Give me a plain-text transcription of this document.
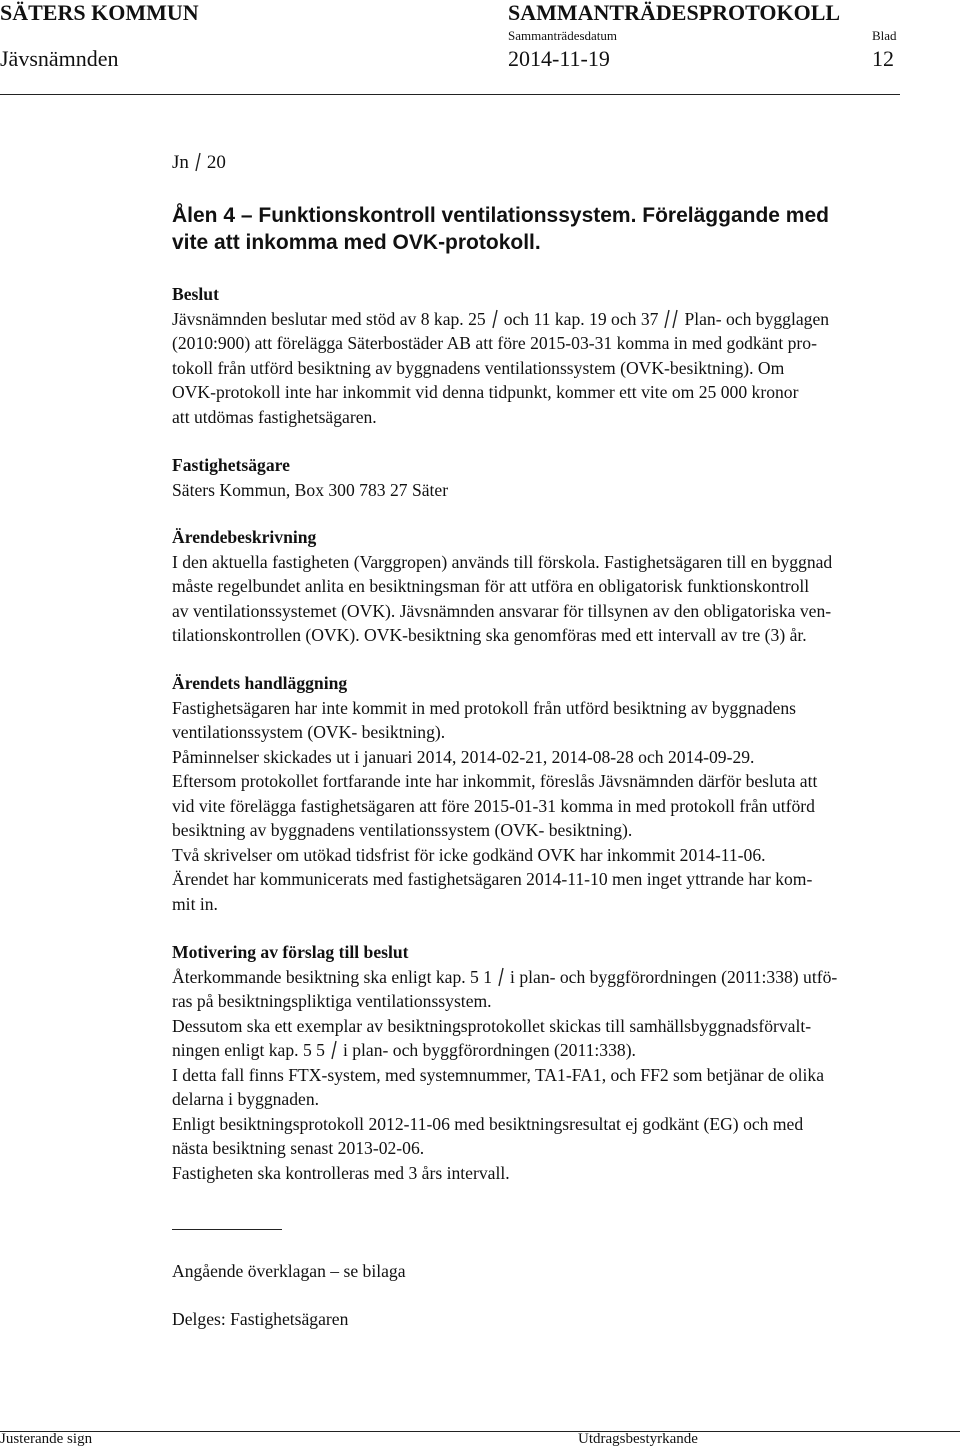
SÄTERS KOMMUN	SAMMANTRÄDESPROTOKOLL
Sammanträdesdatum	Blad
Jävsnämnden	2014-11-19	12
Jn 20
Ålen 4 – Funktionskontroll ventilationssystem. Föreläggande med
vite att inkomma med OVK-protokoll.

Beslut

Jävsnämnden beslutar med stöd av 8 kap. 25 och 11 kap. 19 och 37 Plan- och bygglagen

(2010:900) att förelägga Säterbostäder AB att före 2015-03-31 komma in med godkänt pro-

tokoll från utförd besiktning av byggnadens ventilationssystem (OVK-besiktning). Om

OVK-protokoll inte har inkommit vid denna tidpunkt, kommer ett vite om 25 000 kronor

att utdömas fastighetsägaren.

Fastighetsägare

Säters Kommun, Box 300 783 27 Säter

Ärendebeskrivning

I den aktuella fastigheten (Varggropen) används till förskola. Fastighetsägaren till en byggnad

måste regelbundet anlita en besiktningsman för att utföra en obligatorisk funktionskontroll

av ventilationssystemet (OVK). Jävsnämnden ansvarar för tillsynen av den obligatoriska ven-

tilationskontrollen (OVK). OVK-besiktning ska genomföras med ett intervall av tre (3) år.

Ärendets handläggning

Fastighetsägaren har inte kommit in med protokoll från utförd besiktning av byggnadens

ventilationssystem (OVK- besiktning).

Påminnelser skickades ut i januari 2014, 2014-02-21, 2014-08-28 och 2014-09-29.

Eftersom protokollet fortfarande inte har inkommit, föreslås Jävsnämnden därför besluta att

vid vite förelägga fastighetsägaren att före 2015-01-31 komma in med protokoll från utförd

besiktning av byggnadens ventilationssystem (OVK- besiktning).

Två skrivelser om utökad tidsfrist för icke godkänd OVK har inkommit 2014-11-06.

Ärendet har kommunicerats med fastighetsägaren 2014-11-10 men inget yttrande har kom-

mit in.

Motivering av förslag till beslut

Återkommande besiktning ska enligt kap. 5 1 i plan- och byggförordningen (2011:338) utfö-

ras på besiktningspliktiga ventilationssystem.

Dessutom ska ett exemplar av besiktningsprotokollet skickas till samhällsbyggnadsförvalt-

ningen enligt kap. 5 5 i plan- och byggförordningen (2011:338).

I detta fall finns FTX-system, med systemnummer, TA1-FA1, och FF2 som betjänar de olika

delarna i byggnaden.

Enligt besiktningsprotokoll 2012-11-06 med besiktningsresultat ej godkänt (EG) och med

nästa besiktning senast 2013-02-06.

Fastigheten ska kontrolleras med 3 års intervall.

Angående överklagan – se bilaga
Delges: Fastighetsägaren
Justerande sign	Utdragsbestyrkande
